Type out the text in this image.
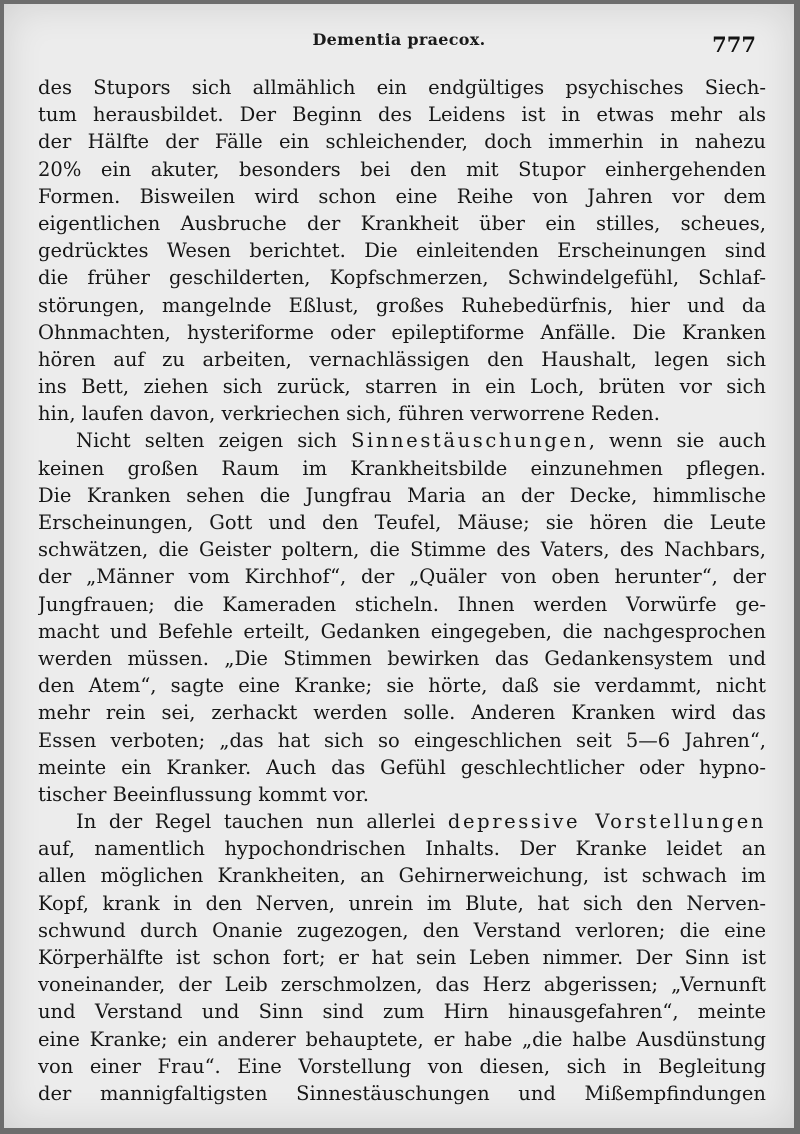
Dementia praecox.	777
des Stupors sich allmählich ein endgültiges psychisches Siech-
tum herausbildet. Der Beginn des Leidens ist in etwas mehr als
der Hälfte der Fälle ein schleichender, doch immerhin in nahezu
20% ein akuter, besonders bei den mit Stupor einhergehenden
Formen. Bisweilen wird schon eine Reihe von Jahren vor dem
eigentlichen Ausbruche der Krankheit über ein stilles, scheues,
gedrücktes Wesen berichtet. Die einleitenden Erscheinungen sind
die früher geschilderten, Kopfschmerzen, Schwindelgefühl, Schlaf-
störungen, mangelnde Eßlust, großes Ruhebedürfnis, hier und da
Ohnmachten, hysteriforme oder epileptiforme Anfälle. Die Kranken
hören auf zu arbeiten, vernachlässigen den Haushalt, legen sich
ins Bett, ziehen sich zurück, starren in ein Loch, brüten vor sich
hin, laufen davon, verkriechen sich, führen verworrene Reden.
Nicht selten zeigen sich Sinnestäuschungen, wenn sie auch
keinen großen Raum im Krankheitsbilde einzunehmen pflegen.
Die Kranken sehen die Jungfrau Maria an der Decke, himmlische
Erscheinungen, Gott und den Teufel, Mäuse; sie hören die Leute
schwätzen, die Geister poltern, die Stimme des Vaters, des Nachbars,
der „Männer vom Kirchhof“, der „Quäler von oben herunter“, der
Jungfrauen; die Kameraden sticheln. Ihnen werden Vorwürfe ge-
macht und Befehle erteilt, Gedanken eingegeben, die nachgesprochen
werden müssen. „Die Stimmen bewirken das Gedankensystem und
den Atem“, sagte eine Kranke; sie hörte, daß sie verdammt, nicht
mehr rein sei, zerhackt werden solle. Anderen Kranken wird das
Essen verboten; „das hat sich so eingeschlichen seit 5—6 Jahren“,
meinte ein Kranker. Auch das Gefühl geschlechtlicher oder hypno-
tischer Beeinflussung kommt vor.
In der Regel tauchen nun allerlei depressive Vorstellungen
auf, namentlich hypochondrischen Inhalts. Der Kranke leidet an
allen möglichen Krankheiten, an Gehirnerweichung, ist schwach im
Kopf, krank in den Nerven, unrein im Blute, hat sich den Nerven-
schwund durch Onanie zugezogen, den Verstand verloren; die eine
Körperhälfte ist schon fort; er hat sein Leben nimmer. Der Sinn ist
voneinander, der Leib zerschmolzen, das Herz abgerissen; „Vernunft
und Verstand und Sinn sind zum Hirn hinausgefahren“, meinte
eine Kranke; ein anderer behauptete, er habe „die halbe Ausdünstung
von einer Frau“. Eine Vorstellung von diesen, sich in Begleitung
der mannigfaltigsten Sinnestäuschungen und Mißempfindungen
